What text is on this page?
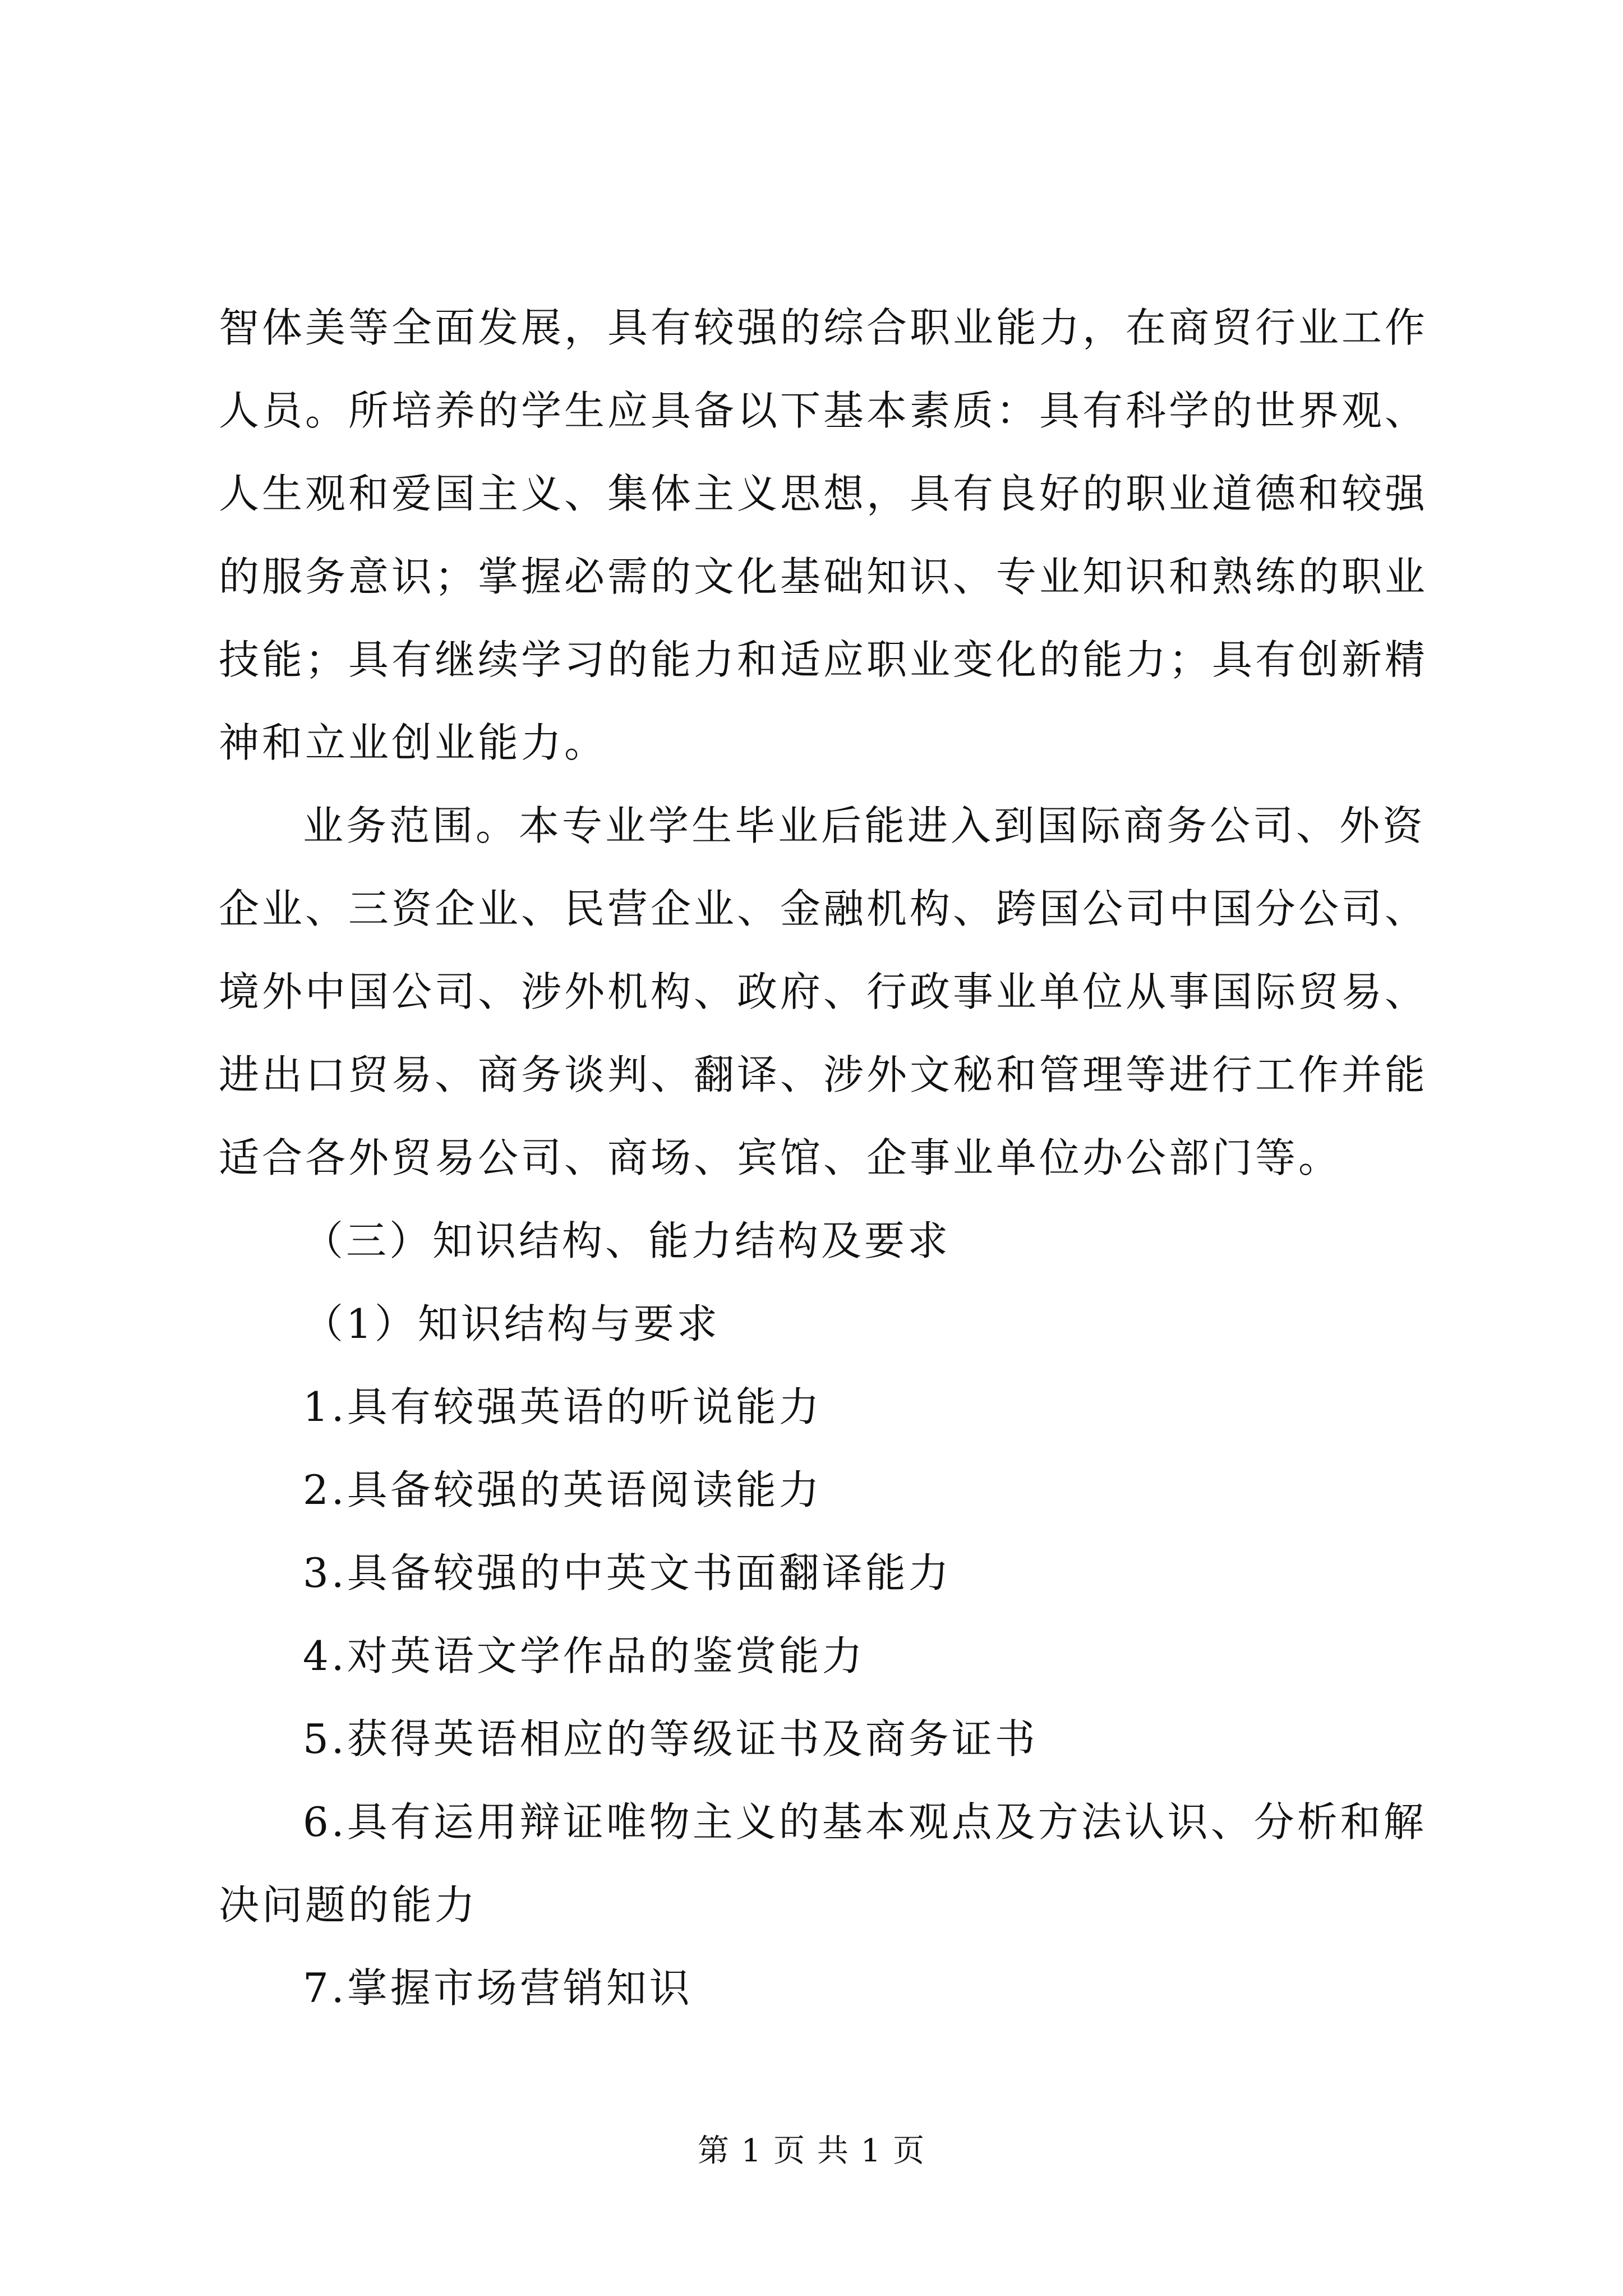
智体美等全面发展，具有较强的综合职业能力，在商贸行业工作人员。所培养的学生应具备以下基本素质：具有科学的世界观、人生观和爱国主义、集体主义思想，具有良好的职业道德和较强的服务意识；掌握必需的文化基础知识、专业知识和熟练的职业技能；具有继续学习的能力和适应职业变化的能力；具有创新精神和立业创业能力。

业务范围。本专业学生毕业后能进入到国际商务公司、外资企业、三资企业、民营企业、金融机构、跨国公司中国分公司、境外中国公司、涉外机构、政府、行政事业单位从事国际贸易、进出口贸易、商务谈判、翻译、涉外文秘和管理等进行工作并能适合各外贸易公司、商场、宾馆、企事业单位办公部门等。

（三）知识结构、能力结构及要求

（1）知识结构与要求

1.具有较强英语的听说能力

2.具备较强的英语阅读能力

3.具备较强的中英文书面翻译能力

4.对英语文学作品的鉴赏能力

5.获得英语相应的等级证书及商务证书

6.具有运用辩证唯物主义的基本观点及方法认识、分析和解决问题的能力

7.掌握市场营销知识

第 1 页 共 1 页
